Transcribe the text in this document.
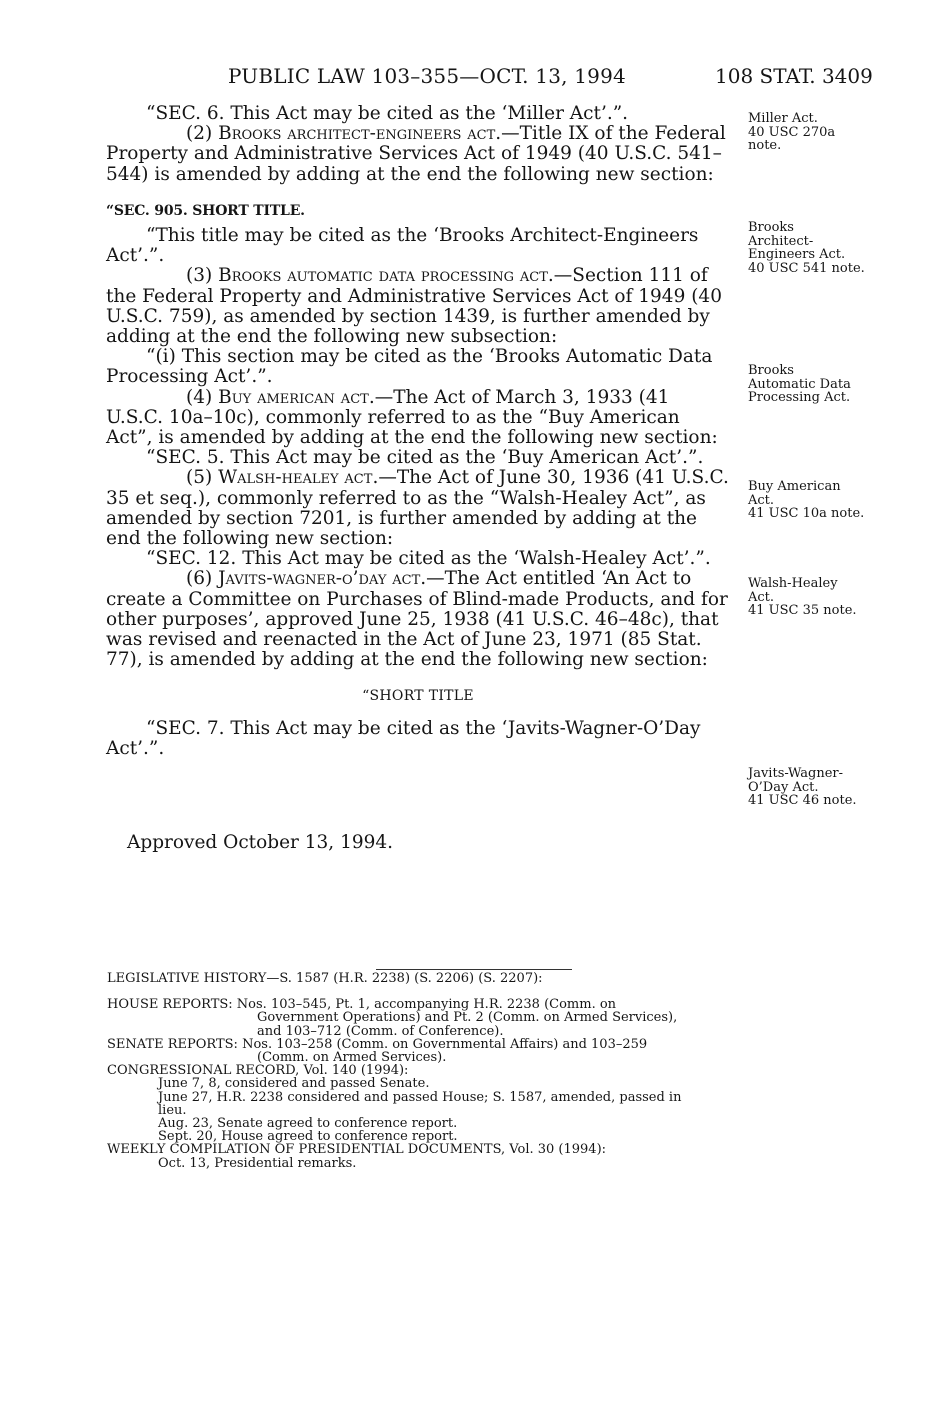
PUBLIC LAW 103–355—OCT. 13, 1994	108 STAT. 3409

“SEC. 6. This Act may be cited as the ‘Miller Act’.”.

(2) Brooks architect-engineers act.—Title IX of the Federal Property and Administrative Services Act of 1949 (40 U.S.C. 541–544) is amended by adding at the end the following new section:

“SEC. 905. SHORT TITLE.

“This title may be cited as the ‘Brooks Architect-Engineers Act’.”.

(3) Brooks automatic data processing act.—Section 111 of the Federal Property and Administrative Services Act of 1949 (40 U.S.C. 759), as amended by section 1439, is further amended by adding at the end the following new subsection:

“(i) This section may be cited as the ‘Brooks Automatic Data Processing Act’.”.

(4) Buy american act.—The Act of March 3, 1933 (41 U.S.C. 10a–10c), commonly referred to as the “Buy American Act”, is amended by adding at the end the following new section:

“SEC. 5. This Act may be cited as the ‘Buy American Act’.”.

(5) Walsh-healey act.—The Act of June 30, 1936 (41 U.S.C. 35 et seq.), commonly referred to as the “Walsh-Healey Act”, as amended by section 7201, is further amended by adding at the end the following new section:

“SEC. 12. This Act may be cited as the ‘Walsh-Healey Act’.”.

(6) Javits-wagner-o’day act.—The Act entitled ‘An Act to create a Committee on Purchases of Blind-made Products, and for other purposes’, approved June 25, 1938 (41 U.S.C. 46–48c), that was revised and reenacted in the Act of June 23, 1971 (85 Stat. 77), is amended by adding at the end the following new section:

“SHORT TITLE

“SEC. 7. This Act may be cited as the ‘Javits-Wagner-O’Day Act’.”.

Approved October 13, 1994.
Miller Act.
40 USC 270a
note.
Brooks
Architect-
Engineers Act.
40 USC 541 note.
Brooks
Automatic Data
Processing Act.
Buy American
Act.
41 USC 10a note.
Walsh-Healey
Act.
41 USC 35 note.
Javits-Wagner-
O’Day Act.
41 USC 46 note.

LEGISLATIVE HISTORY—S. 1587 (H.R. 2238) (S. 2206) (S. 2207):

HOUSE REPORTS: Nos. 103–545, Pt. 1, accompanying H.R. 2238 (Comm. on

Government Operations) and Pt. 2 (Comm. on Armed Services),

and 103–712 (Comm. of Conference).

SENATE REPORTS: Nos. 103–258 (Comm. on Governmental Affairs) and 103–259

(Comm. on Armed Services).

CONGRESSIONAL RECORD, Vol. 140 (1994):

June 7, 8, considered and passed Senate.

June 27, H.R. 2238 considered and passed House; S. 1587, amended, passed in

lieu.

Aug. 23, Senate agreed to conference report.

Sept. 20, House agreed to conference report.

WEEKLY COMPILATION OF PRESIDENTIAL DOCUMENTS, Vol. 30 (1994):

Oct. 13, Presidential remarks.
